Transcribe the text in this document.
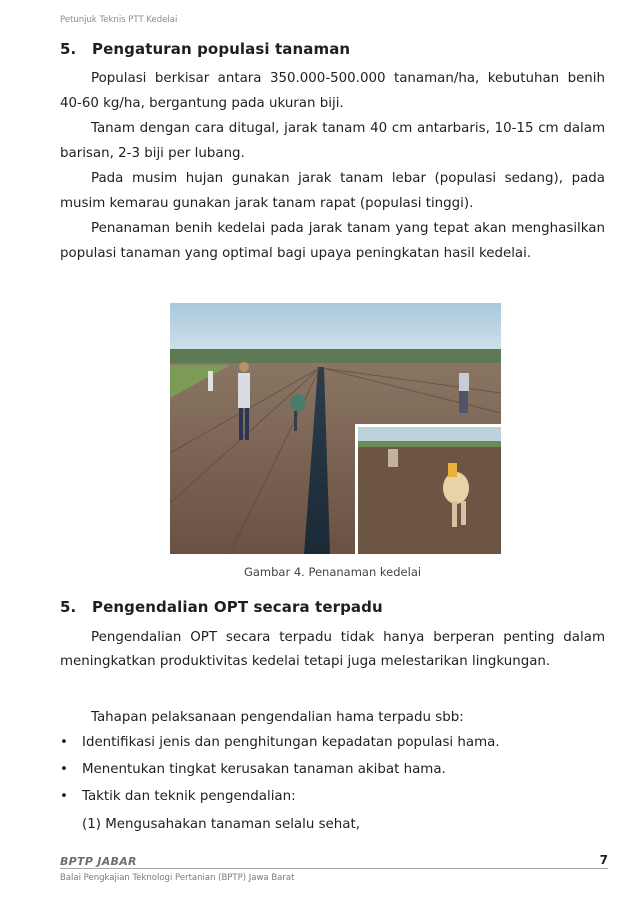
Petunjuk Teknis PTT Kedelai
5. Pengaturan populasi tanaman

Populasi berkisar antara 350.000-500.000 tanaman/ha, kebutuhan benih 40-60 kg/ha, bergantung pada ukuran biji.

Tanam dengan cara ditugal, jarak tanam 40 cm antarbaris, 10-15 cm dalam barisan, 2-3 biji per lubang.

Pada musim hujan gunakan jarak tanam lebar (populasi sedang), pada musim kemarau gunakan jarak tanam rapat (populasi tinggi).

Penanaman benih kedelai pada jarak tanam yang tepat akan menghasilkan populasi tanaman yang optimal bagi upaya peningkatan hasil kedelai.

Gambar 4. Penanaman kedelai
5. Pengendalian OPT secara terpadu

Pengendalian OPT secara terpadu tidak hanya berperan penting dalam meningkatkan produktivitas kedelai tetapi juga melestarikan lingkungan.

Tahapan pelaksanaan pengendalian hama terpadu sbb:

• Identifikasi jenis dan penghitungan kepadatan populasi hama.
• Menentukan tingkat kerusakan tanaman akibat hama.
• Taktik dan teknik pengendalian:
(1) Mengusahakan tanaman selalu sehat,
BPTP JABAR	7
Balai Pengkajian Teknologi Pertanian (BPTP) Jawa Barat
